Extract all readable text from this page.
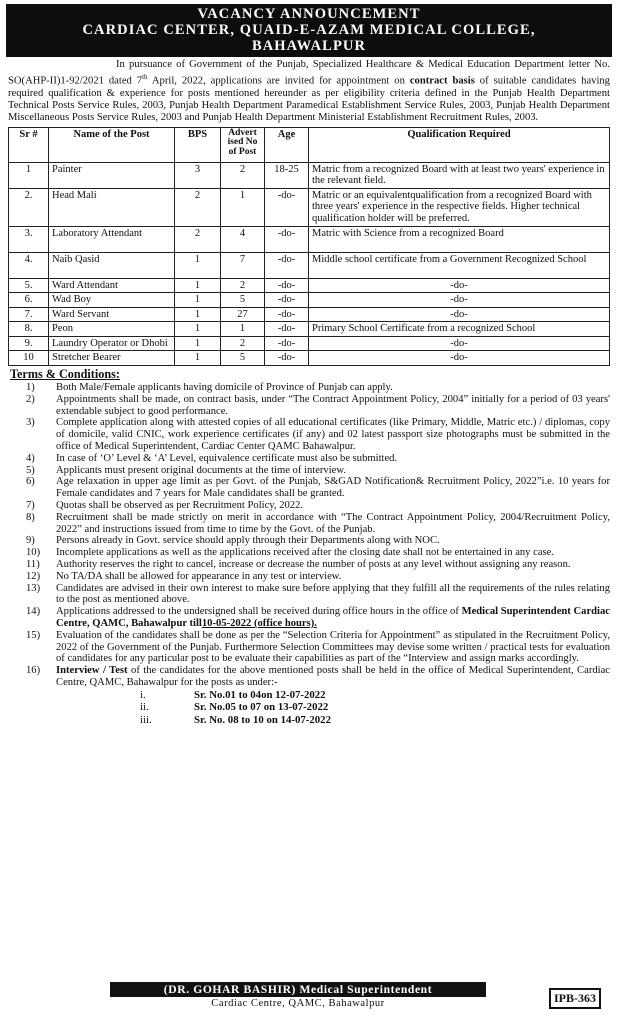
VACANCY ANNOUNCEMENT
CARDIAC CENTER, QUAID-E-AZAM MEDICAL COLLEGE,
BAHAWALPUR
In pursuance of Government of the Punjab, Specialized Healthcare & Medical Education Department letter No. SO(AHP-II)1-92/2021 dated 7th April, 2022, applications are invited for appointment on contract basis of suitable candidates having required qualification & experience for posts mentioned hereunder as per eligibility criteria defined in the Punjab Health Department Technical Posts Service Rules, 2003, Punjab Health Department Paramedical Establishment Service Rules, 2003, Punjab Health Department Miscellaneous Posts Service Rules, 2003 and Punjab Health Department Ministerial Establishment Recruitment Rules, 2003.
Sr #	Name of the Post	BPS	Advert ised No of Post	Age	Qualification Required
1	Painter	3	2	18-25	Matric from a recognized Board with at least two years' experience in the relevant field.
2.	Head Mali	2	1	-do-	Matric or an equivalentqualification from a recognized Board with three years' experience in the respective fields. Higher technical qualification holder will be preferred.
3.	Laboratory Attendant	2	4	-do-	Matric with Science from a recognized Board
4.	Naib Qasid	1	7	-do-	Middle school certificate from a Government Recognized School
5.	Ward Attendant	1	2	-do-	-do-
6.	Wad Boy	1	5	-do-	-do-
7.	Ward Servant	1	27	-do-	-do-
8.	Peon	1	1	-do-	Primary School Certificate from a recognized School
9.	Laundry Operator or Dhobi	1	2	-do-	-do-
10	Stretcher Bearer	1	5	-do-	-do-
Terms & Conditions:
1)	Both Male/Female applicants having domicile of Province of Punjab can apply.
2)	Appointments shall be made, on contract basis, under “The Contract Appointment Policy, 2004” initially for a period of 03 years' extendable subject to good performance.
3)	Complete application along with attested copies of all educational certificates (like Primary, Middle, Matric etc.) / diplomas, copy of domicile, valid CNIC, work experience certificates (if any) and 02 latest passport size photographs must be submitted in the office of Medical Superintendent, Cardiac Center QAMC Bahawalpur.
4)	In case of ‘O’ Level & ‘A’ Level, equivalence certificate must also be submitted.
5)	Applicants must present original documents at the time of interview.
6)	Age relaxation in upper age limit as per Govt. of the Punjab, S&GAD Notification& Recruitment Policy, 2022”i.e. 10 years for Female candidates and 7 years for Male candidates shall be granted.
7)	Quotas shall be observed as per Recruitment Policy, 2022.
8)	Recruitment shall be made strictly on merit in accordance with “The Contract Appointment Policy, 2004/Recruitment Policy, 2022” and instructions issued from time to time by the Govt. of the Punjab.
9)	Persons already in Govt. service should apply through their Departments along with NOC.
10)	Incomplete applications as well as the applications received after the closing date shall not be entertained in any case.
11)	Authority reserves the right to cancel, increase or decrease the number of posts at any level without assigning any reason.
12)	No TA/DA shall be allowed for appearance in any test or interview.
13)	Candidates are advised in their own interest to make sure before applying that they fulfill all the requirements of the rules relating to the post as mentioned above.
14)	Applications addressed to the undersigned shall be received during office hours in the office of Medical Superintendent Cardiac Centre, QAMC, Bahawalpur till10-05-2022 (office hours).
15)	Evaluation of the candidates shall be done as per the “Selection Criteria for Appointment” as stipulated in the Recruitment Policy, 2022 of the Government of the Punjab. Furthermore Selection Committees may devise some written / practical tests for evaluation of candidates for any particular post to be evaluate their capabilities as part of the “Interview and assign marks accordingly.
16)	Interview / Test of the candidates for the above mentioned posts shall be held in the office of Medical Superintendent, Cardiac Centre, QAMC, Bahawalpur for the posts as under:-
i.	Sr. No.01 to 04on 12-07-2022
ii.	Sr. No.05 to 07 on 13-07-2022
iii.	Sr. No. 08 to 10 on 14-07-2022
(DR. GOHAR BASHIR) Medical Superintendent
Cardiac Centre, QAMC, Bahawalpur	IPB-363
